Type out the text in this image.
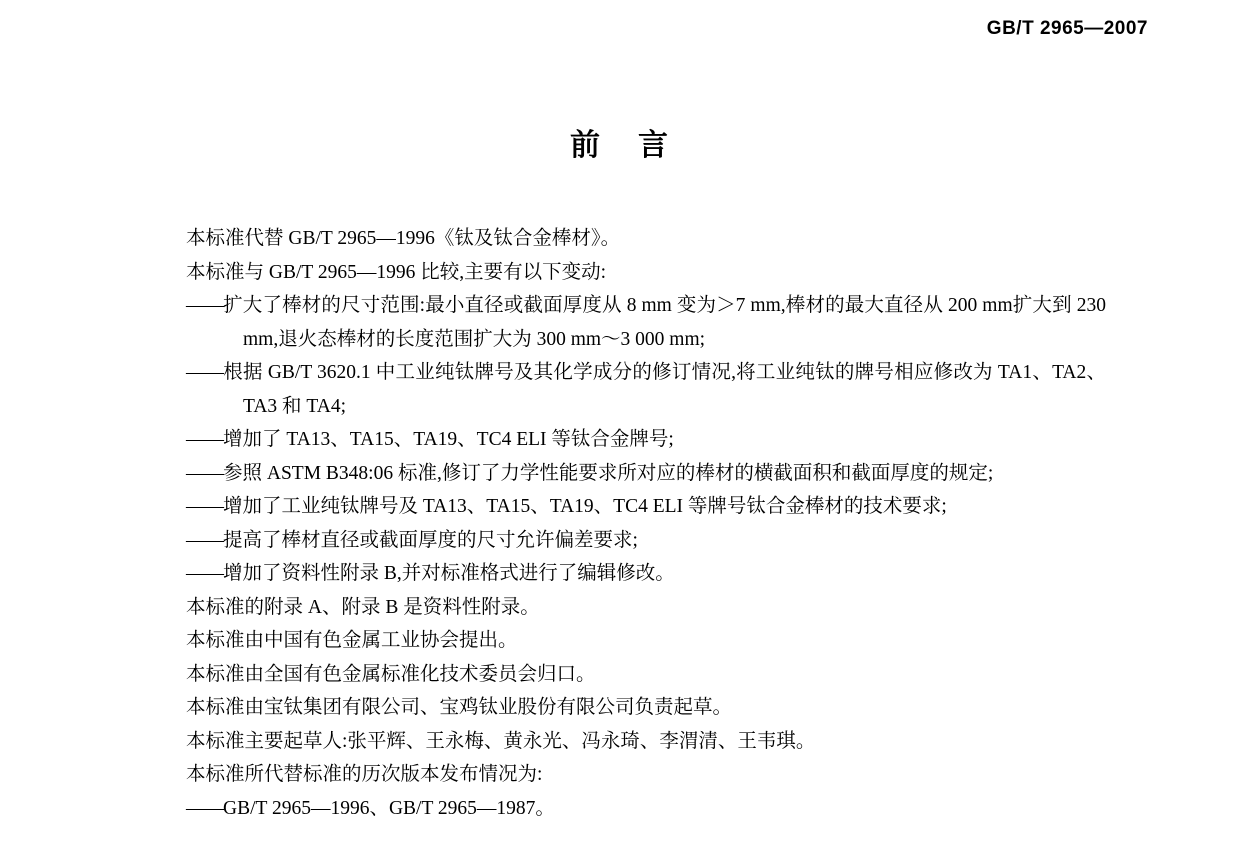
GB/T 2965—2007
前 言
本标准代替 GB/T 2965—1996《钛及钛合金棒材》。
本标准与 GB/T 2965—1996 比较,主要有以下变动:
——扩大了棒材的尺寸范围:最小直径或截面厚度从 8 mm 变为＞7 mm,棒材的最大直径从 200 mm扩大到 230 mm,退火态棒材的长度范围扩大为 300 mm～3 000 mm;
——根据 GB/T 3620.1 中工业纯钛牌号及其化学成分的修订情况,将工业纯钛的牌号相应修改为 TA1、TA2、TA3 和 TA4;
——增加了 TA13、TA15、TA19、TC4 ELI 等钛合金牌号;
——参照 ASTM B348:06 标准,修订了力学性能要求所对应的棒材的横截面积和截面厚度的规定;
——增加了工业纯钛牌号及 TA13、TA15、TA19、TC4 ELI 等牌号钛合金棒材的技术要求;
——提高了棒材直径或截面厚度的尺寸允许偏差要求;
——增加了资料性附录 B,并对标准格式进行了编辑修改。
本标准的附录 A、附录 B 是资料性附录。
本标准由中国有色金属工业协会提出。
本标准由全国有色金属标准化技术委员会归口。
本标准由宝钛集团有限公司、宝鸡钛业股份有限公司负责起草。
本标准主要起草人:张平辉、王永梅、黄永光、冯永琦、李渭清、王韦琪。
本标准所代替标准的历次版本发布情况为:
——GB/T 2965—1996、GB/T 2965—1987。
